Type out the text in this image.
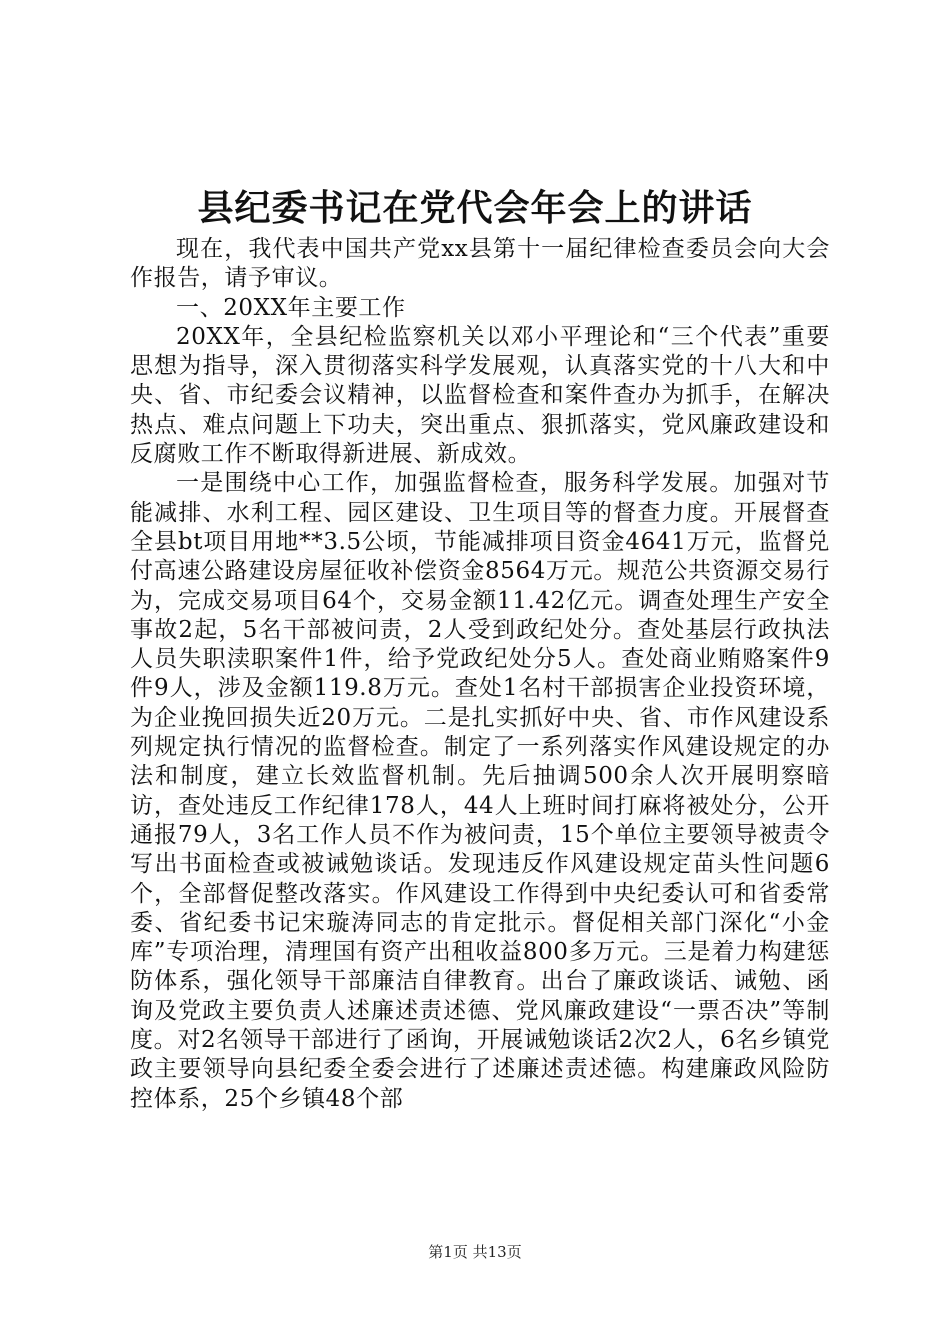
县纪委书记在党代会年会上的讲话

现在，我代表中国共产党xx县第十一届纪律检查委员会向大会作报告，请予审议。

一、20XX年主要工作

20XX年，全县纪检监察机关以邓小平理论和“三个代表”重要思想为指导，深入贯彻落实科学发展观，认真落实党的十八大和中央、省、市纪委会议精神，以监督检查和案件查办为抓手，在解决热点、难点问题上下功夫，突出重点、狠抓落实，党风廉政建设和反腐败工作不断取得新进展、新成效。

一是围绕中心工作，加强监督检查，服务科学发展。加强对节能减排、水利工程、园区建设、卫生项目等的督查力度。开展督查全县bt项目用地**3.5公顷，节能减排项目资金4641万元，监督兑付高速公路建设房屋征收补偿资金8564万元。规范公共资源交易行为，完成交易项目64个，交易金额11.42亿元。调查处理生产安全事故2起，5名干部被问责，2人受到政纪处分。查处基层行政执法人员失职渎职案件1件，给予党政纪处分5人。查处商业贿赂案件9件9人，涉及金额119.8万元。查处1名村干部损害企业投资环境，为企业挽回损失近20万元。二是扎实抓好中央、省、市作风建设系列规定执行情况的监督检查。制定了一系列落实作风建设规定的办法和制度，建立长效监督机制。先后抽调500余人次开展明察暗访，查处违反工作纪律178人，44人上班时间打麻将被处分，公开通报79人，3名工作人员不作为被问责，15个单位主要领导被责令写出书面检查或被诫勉谈话。发现违反作风建设规定苗头性问题6个，全部督促整改落实。作风建设工作得到中央纪委认可和省委常委、省纪委书记宋璇涛同志的肯定批示。督促相关部门深化“小金库”专项治理，清理国有资产出租收益800多万元。三是着力构建惩防体系，强化领导干部廉洁自律教育。出台了廉政谈话、诫勉、函询及党政主要负责人述廉述责述德、党风廉政建设“一票否决”等制度。对2名领导干部进行了函询，开展诫勉谈话2次2人，6名乡镇党政主要领导向县纪委全委会进行了述廉述责述德。构建廉政风险防控体系，25个乡镇48个部

第1页 共13页
